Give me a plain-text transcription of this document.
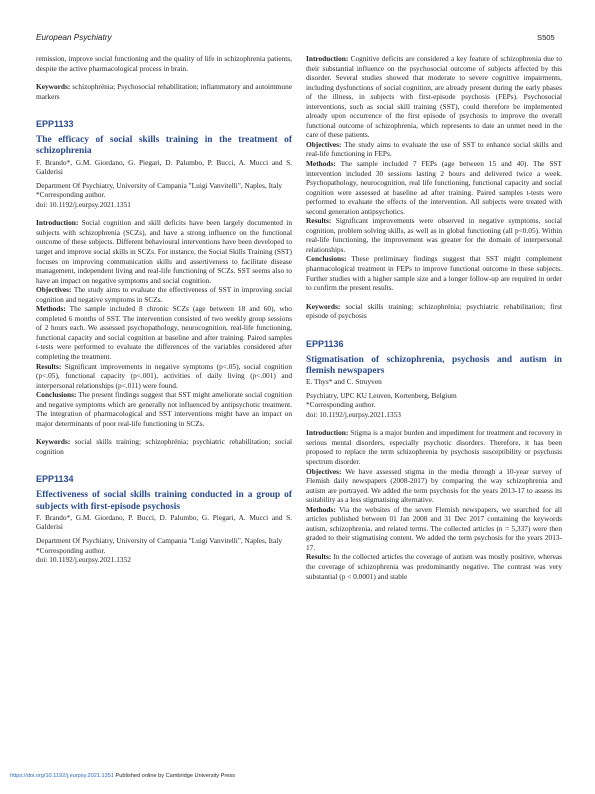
European Psychiatry	S505

remission, improve social functioning and the quality of life in schizophrenia patients, despite the active pharmacological process in brain.

Keywords: schizophrénia; Psychosocial rehabilitation; inflammatory and autoimmune markers

EPP1133

The efficacy of social skills training in the treatment of schizophrenia

F. Brando*, G.M. Giordano, G. Piegari, D. Palumbo, P. Bucci, A. Mucci and S. Galderisi

Department Of Psychiatry, University of Campania "Luigi Vanvitelli", Naples, Italy

*Corresponding author.

doi: 10.1192/j.eurpsy.2021.1351

Introduction: Social cognition and skill deficits have been largely documented in subjects with schizophrenia (SCZs), and have a strong influence on the functional outcome of these subjects. Different behavioural interventions have been developed to target and improve social skills in SCZs. For instance, the Social Skills Training (SST) focuses on improving communication skills and assertiveness to facilitate disease management, independent living and real-life functioning of SCZs. SST seems also to have an impact on negative symptoms and social cognition.

Objectives: The study aims to evaluate the effectiveness of SST in improving social cognition and negative symptoms in SCZs.

Methods: The sample included 8 chronic SCZs (age between 18 and 60), who completed 6 months of SST. The intervention consisted of two weekly group sessions of 2 hours each. We assessed psychopathology, neurocognition, real-life functioning, functional capacity and social cognition at baseline and after training. Paired samples t-tests were performed to evaluate the differences of the variables considered after completing the treatment.

Results: Significant improvements in negative symptoms (p<.05), social cognition (p<.05), functional capacity (p<.001), activities of daily living (p<.001) and interpersonal relationships (p<.011) were found.

Conclusions: The present findings suggest that SST might ameliorate social cognition and negative symptoms which are generally not influenced by antipsychotic treatment. The integration of pharmacological and SST interventions might have an impact on major determinants of poor real-life functioning in SCZs.

Keywords: social skills training; schizophrénia; psychiatric rehabilitation; social cognition

EPP1134

Effectiveness of social skills training conducted in a group of subjects with first-episode psychosis

F. Brando*, G.M. Giordano, P. Bucci, D. Palumbo, G. Piegari, A. Mucci and S. Galderisi

Department Of Psychiatry, University of Campania "Luigi Vanvitelli", Naples, Italy

*Corresponding author.

doi: 10.1192/j.eurpsy.2021.1352

Introduction: Cognitive deficits are considered a key feature of schizophrenia due to their substantial influence on the psychosocial outcome of subjects affected by this disorder. Several studies showed that moderate to severe cognitive impairments, including dysfunctions of social cognition, are already present during the early phases of the illness, in subjects with first-episode psychosis (FEPs). Psychosocial interventions, such as social skill training (SST), could therefore be implemented already upon occurrence of the first episode of psychosis to improve the overall functional outcome of schizophrenia, which represents to date an unmet need in the care of these patients.

Objectives: The study aims to evaluate the use of SST to enhance social skills and real-life functioning in FEPs.

Methods: The sample included 7 FEPs (age between 15 and 40). The SST intervention included 30 sessions lasting 2 hours and delivered twice a week. Psychopathology, neurocognition, real life functioning, functional capacity and social cognition were assessed at baseline ad after training. Paired samples t-tests were performed to evaluate the effects of the intervention. All subjects were treated with second generation antipsychotics.

Results: Significant improvements were observed in negative symptoms, social cognition, problem solving skills, as well as in global functioning (all p<0.05). Within real-life functioning, the improvement was greater for the domain of interpersonal relationships.

Conclusions: These preliminary findings suggest that SST might complement pharmacological treatment in FEPs to improve functional outcome in these subjects. Further studies with a higher sample size and a longer follow-up are required in order to confirm the present results.

Keywords: social skills training; schizophrénia; psychiatric rehabilitation; first episode of psychosis

EPP1136

Stigmatisation of schizophrenia, psychosis and autism in flemish newspapers

E. Thys* and C. Struyven

Psychiatry, UPC KU Leuven, Kortenberg, Belgium

*Corresponding author.

doi: 10.1192/j.eurpsy.2021.1353

Introduction: Stigma is a major burden and impediment for treatment and recovery in serious mental disorders, especially psychotic disorders. Therefore, it has been proposed to replace the term schizophrenia by psychosis susceptibility or psychosis spectrum disorder.

Objectives: We have assessed stigma in the media through a 10-year survey of Flemish daily newspapers (2008-2017) by comparing the way schizophrenia and autism are portrayed. We added the term psychosis for the years 2013-17 to assess its suitability as a less stigmatising alternative.

Methods: Via the websites of the seven Flemish newspapers, we searched for all articles published between 01 Jan 2008 and 31 Dec 2017 containing the keywords autism, schizophrenia, and related terms. The collected articles (n = 5,337) were then graded to their stigmatising content. We added the term psychosis for the years 2013-17.

Results: In the collected articles the coverage of autism was mostly positive, whereas the coverage of schizophrenia was predominantly negative. The contrast was very substantial (p < 0.0001) and stable

https://doi.org/10.1192/j.eurpsy.2021.1351 Published online by Cambridge University Press
